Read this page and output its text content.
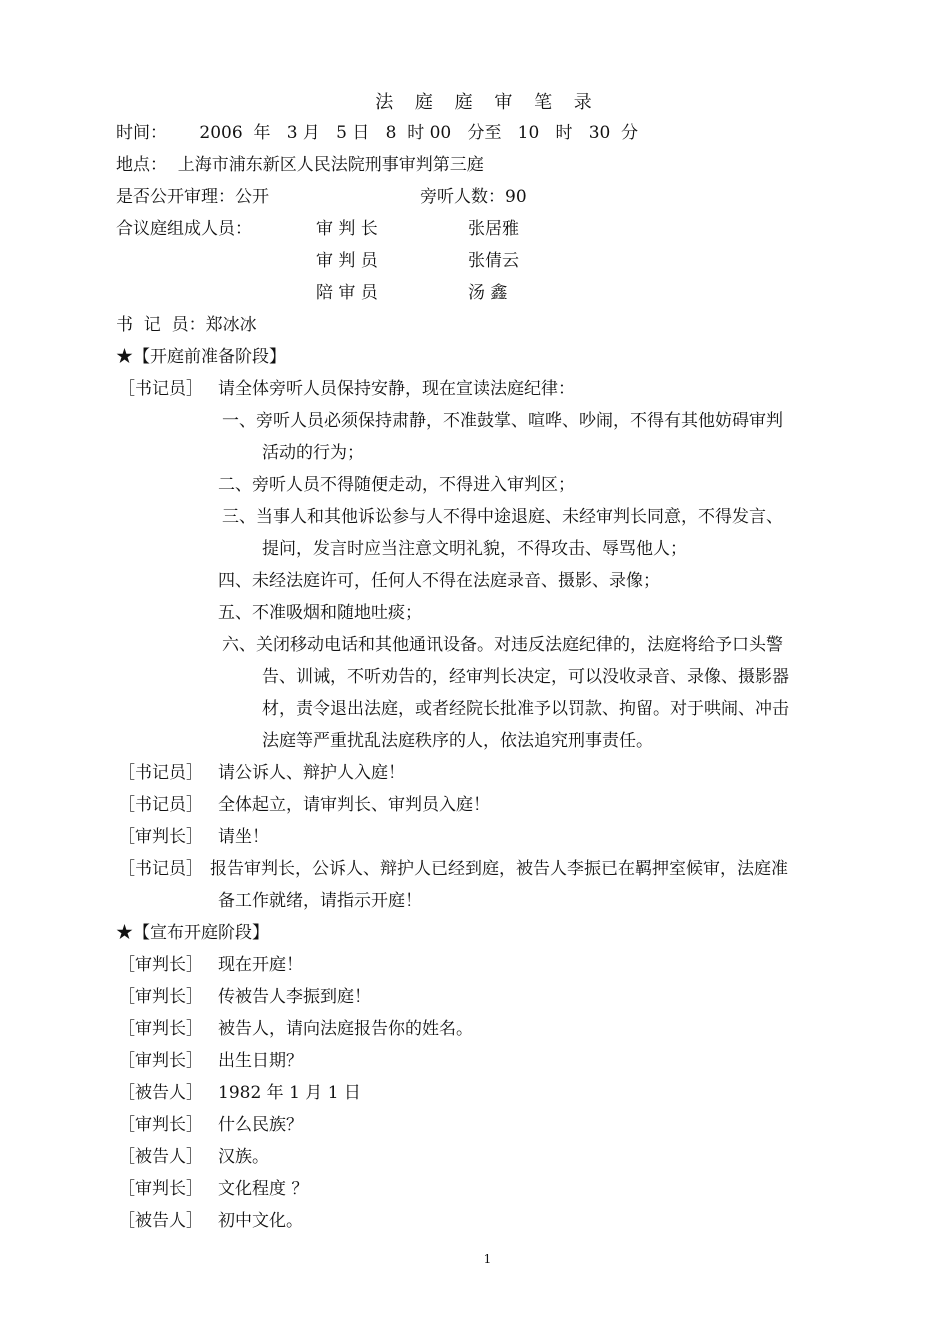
法 庭 庭 审 笔 录
时间：      2006  年   3 月   5 日   8  时 00   分至   10   时   30  分
地点：  上海市浦东新区人民法院刑事审判第三庭
是否公开审理：公开	旁听人数：90
合议庭组成人员：	审 判 长	张居雅
审 判 员	张倩云
陪 审 员	汤 鑫
书  记  员：郑冰冰
★【开庭前准备阶段】
［书记员］ 请全体旁听人员保持安静，现在宣读法庭纪律：
一、旁听人员必须保持肃静，不准鼓掌、喧哗、吵闹，不得有其他妨碍审判
活动的行为；
二、旁听人员不得随便走动，不得进入审判区；
三、当事人和其他诉讼参与人不得中途退庭、未经审判长同意，不得发言、
提问，发言时应当注意文明礼貌，不得攻击、辱骂他人；
四、未经法庭许可，任何人不得在法庭录音、摄影、录像；
五、不准吸烟和随地吐痰；
六、关闭移动电话和其他通讯设备。对违反法庭纪律的，法庭将给予口头警
告、训诫，不听劝告的，经审判长决定，可以没收录音、录像、摄影器
材，责令退出法庭，或者经院长批准予以罚款、拘留。对于哄闹、冲击
法庭等严重扰乱法庭秩序的人，依法追究刑事责任。
［书记员］ 请公诉人、辩护人入庭！
［书记员］ 全体起立，请审判长、审判员入庭！
［审判长］ 请坐！
［书记员］ 报告审判长，公诉人、辩护人已经到庭，被告人李振已在羁押室候审，法庭准
备工作就绪，请指示开庭！
★【宣布开庭阶段】
［审判长］ 现在开庭！
［审判长］ 传被告人李振到庭！
［审判长］ 被告人，请向法庭报告你的姓名。
［审判长］ 出生日期？
［被告人］ 1982 年 1 月 1 日
［审判长］ 什么民族？
［被告人］ 汉族。
［审判长］ 文化程度 ？
［被告人］ 初中文化。
1
